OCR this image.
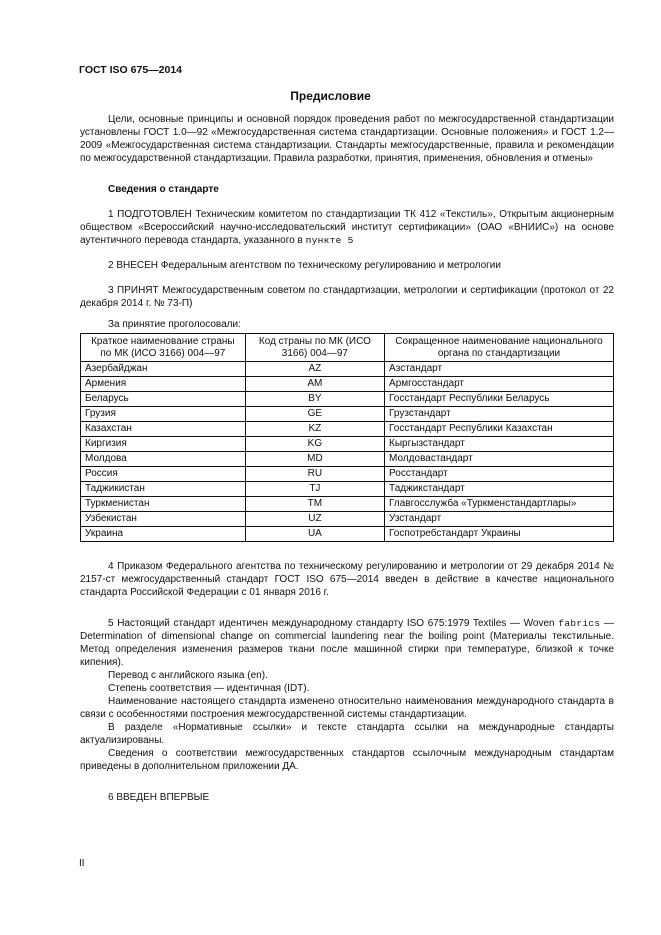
ГОСТ ISO 675—2014
Предисловие

Цели, основные принципы и основной порядок проведения работ по межгосударственной стандартизации установлены ГОСТ 1.0—92 «Межгосударственная система стандартизации. Основные положения» и ГОСТ 1.2—2009 «Межгосударственная система стандартизации. Стандарты межгосударственные, правила и рекомендации по межгосударственной стандартизации. Правила разработки, принятия, применения, обновления и отмены»

Сведения о стандарте

1 ПОДГОТОВЛЕН Техническим комитетом по стандартизации ТК 412 «Текстиль», Открытым акционерным обществом «Всероссийский научно-исследовательский институт сертификации» (ОАО «ВНИИС») на основе аутентичного перевода стандарта, указанного в пункте 5

2 ВНЕСЕН Федеральным агентством по техническому регулированию и метрологии

3 ПРИНЯТ Межгосударственным советом по стандартизации, метрологии и сертификации (протокол от 22 декабря 2014 г. № 73-П)

За принятие проголосовали:

Краткое наименование страны по МК (ИСО 3166) 004—97	Код страны по МК (ИСО 3166) 004—97	Сокращенное наименование национального органа по стандартизации
Азербайджан	AZ	Азстандарт
Армения	AM	Армгосстандарт
Беларусь	BY	Госстандарт Республики Беларусь
Грузия	GE	Грузстандарт
Казахстан	KZ	Госстандарт Республики Казахстан
Киргизия	KG	Кыргызстандарт
Молдова	MD	Молдовастандарт
Россия	RU	Росстандарт
Таджикистан	TJ	Таджикстандарт
Туркменистан	TM	Главгосслужба «Туркменстандартлары»
Узбекистан	UZ	Узстандарт
Украина	UA	Госпотребстандарт Украины

4 Приказом Федерального агентства по техническому регулированию и метрологии от 29 декабря 2014 № 2157-ст межгосударственный стандарт ГОСТ ISO 675—2014 введен в действие в качестве национального стандарта Российской Федерации с 01 января 2016 г.

5 Настоящий стандарт идентичен международному стандарту ISO 675:1979 Textiles — Woven fabrics — Determination of dimensional change on commercial laundering near the boiling point (Материалы текстильные. Метод определения изменения размеров ткани после машинной стирки при температуре, близкой к точке кипения).

Перевод с английского языка (en).

Степень соответствия — идентичная (IDT).

Наименование настоящего стандарта изменено относительно наименования международного стандарта в связи с особенностями построения межгосударственной системы стандартизации.

В разделе «Нормативные ссылки» и тексте стандарта ссылки на международные стандарты актуализированы.

Сведения о соответствии межгосударственных стандартов ссылочным международным стандартам приведены в дополнительном приложении ДА.

6 ВВЕДЕН ВПЕРВЫЕ

II
